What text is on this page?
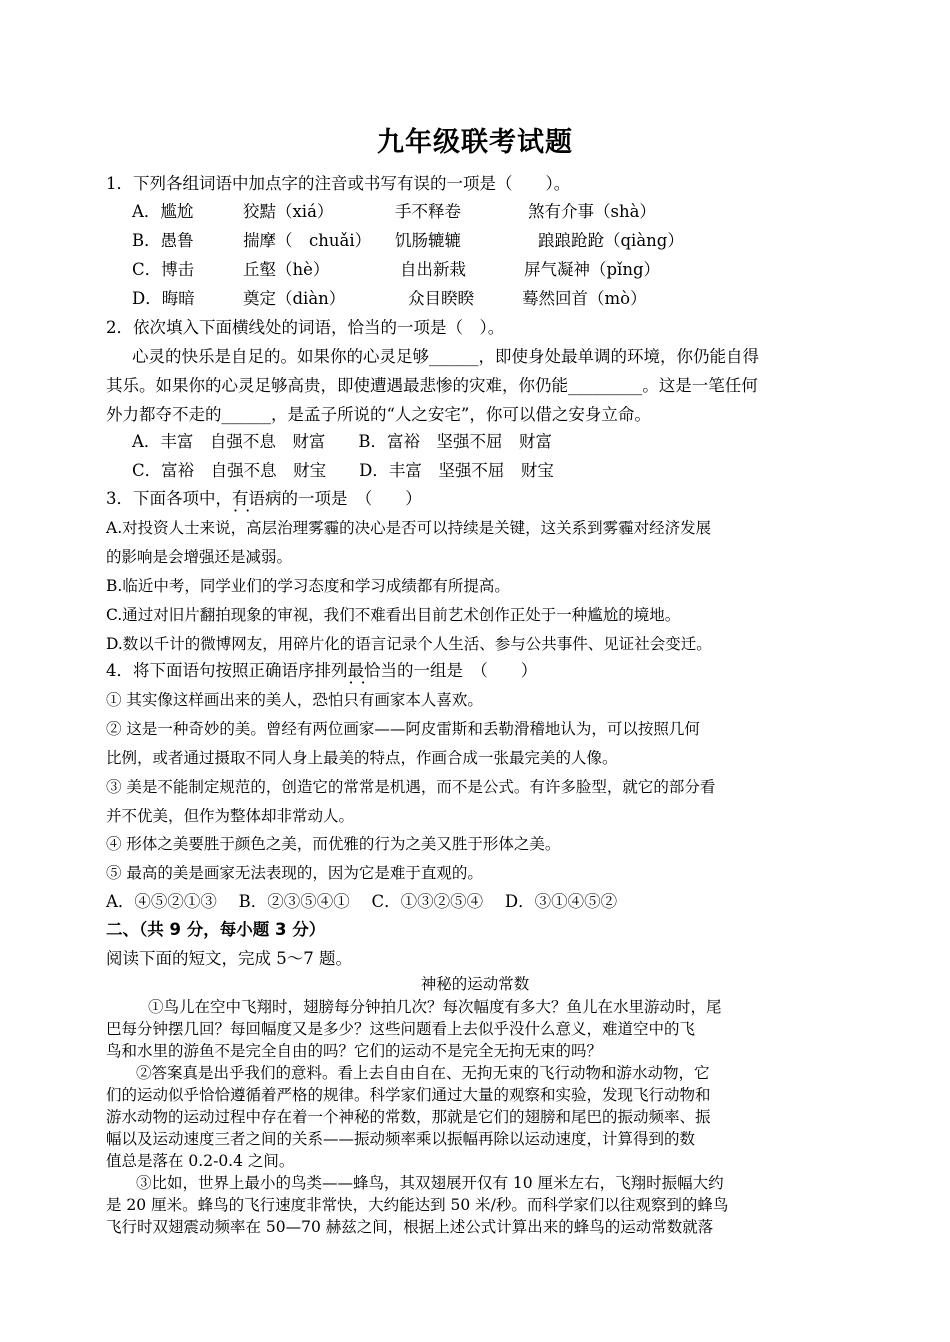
九年级联考试题
1．下列各组词语中加点字的注音或书写有误的一项是（　　）。
A．尴尬	狡黠（xiá）	手不释卷	煞有介事（shà）
B．愚鲁	揣摩（　chuǎi） 饥肠辘辘	踉踉跄跄（qiàng）
C．博击	丘壑（hè）	自出新栽	屏气凝神（pǐng）
D．晦暗	奠定（diàn）	众目睽睽	蓦然回首（mò）
2．依次填入下面横线处的词语，恰当的一项是（　）。
心灵的快乐是自足的。如果你的心灵足够______，即使身处最单调的环境，你仍能自得
其乐。如果你的心灵足够高贵，即使遭遇最悲惨的灾难，你仍能_________。这是一笔任何
外力都夺不走的______，是孟子所说的“人之安宅”，你可以借之安身立命。
A．丰富　自强不息　财富　　B．富裕　坚强不屈　财富
C．富裕　自强不息　财宝　　D．丰富　坚强不屈　财宝
3．下面各项中，有语病 · ·的一项是　（　　）
A.对投资人士来说，高层治理雾霾的决心是否可以持续是关键，这关系到雾霾对经济发展
的影响是会增强还是减弱。
B.临近中考，同学业们的学习态度和学习成绩都有所提高。
C.通过对旧片翻拍现象的审视，我们不难看出目前艺术创作正处于一种尴尬的境地。
D.数以千计的微博网友，用碎片化的语言记录个人生活、参与公共事件、见证社会变迁。
4．将下面语句按照正确语序排列最恰当 · ·的一组是　（　　）
① 其实像这样画出来的美人，恐怕只有画家本人喜欢。
② 这是一种奇妙的美。曾经有两位画家——阿皮雷斯和丢勒滑稽地认为，可以按照几何
比例，或者通过摄取不同人身上最美的特点，作画合成一张最完美的人像。
③ 美是不能制定规范的，创造它的常常是机遇，而不是公式。有许多脸型，就它的部分看
并不优美，但作为整体却非常动人。
④ 形体之美要胜于颜色之美，而优雅的行为之美又胜于形体之美。
⑤ 最高的美是画家无法表现的，因为它是难于直观的。
A．④⑤②①③　 B．②③⑤④①　 C．①③②⑤④　 D．③①④⑤②
二、（共 9 分，每小题 3 分）
阅读下面的短文，完成 5～7 题。
神秘的运动常数
①鸟儿在空中飞翔时，翅膀每分钟拍几次？每次幅度有多大？鱼儿在水里游动时，尾
巴每分钟摆几回？每回幅度又是多少？这些问题看上去似乎没什么意义，难道空中的飞
鸟和水里的游鱼不是完全自由的吗？它们的运动不是完全无拘无束的吗？
②答案真是出乎我们的意料。看上去自由自在、无拘无束的飞行动物和游水动物，它
们的运动似乎恰恰遵循着严格的规律。科学家们通过大量的观察和实验，发现飞行动物和
游水动物的运动过程中存在着一个神秘的常数，那就是它们的翅膀和尾巴的振动频率、振
幅以及运动速度三者之间的关系——振动频率乘以振幅再除以运动速度，计算得到的数
值总是落在 0.2-0.4 之间。
③比如，世界上最小的鸟类——蜂鸟，其双翅展开仅有 10 厘米左右，飞翔时振幅大约
是 20 厘米。蜂鸟的飞行速度非常快，大约能达到 50 米/秒。而科学家们以往观察到的蜂鸟
飞行时双翅震动频率在 50—70 赫兹之间，根据上述公式计算出来的蜂鸟的运动常数就落
